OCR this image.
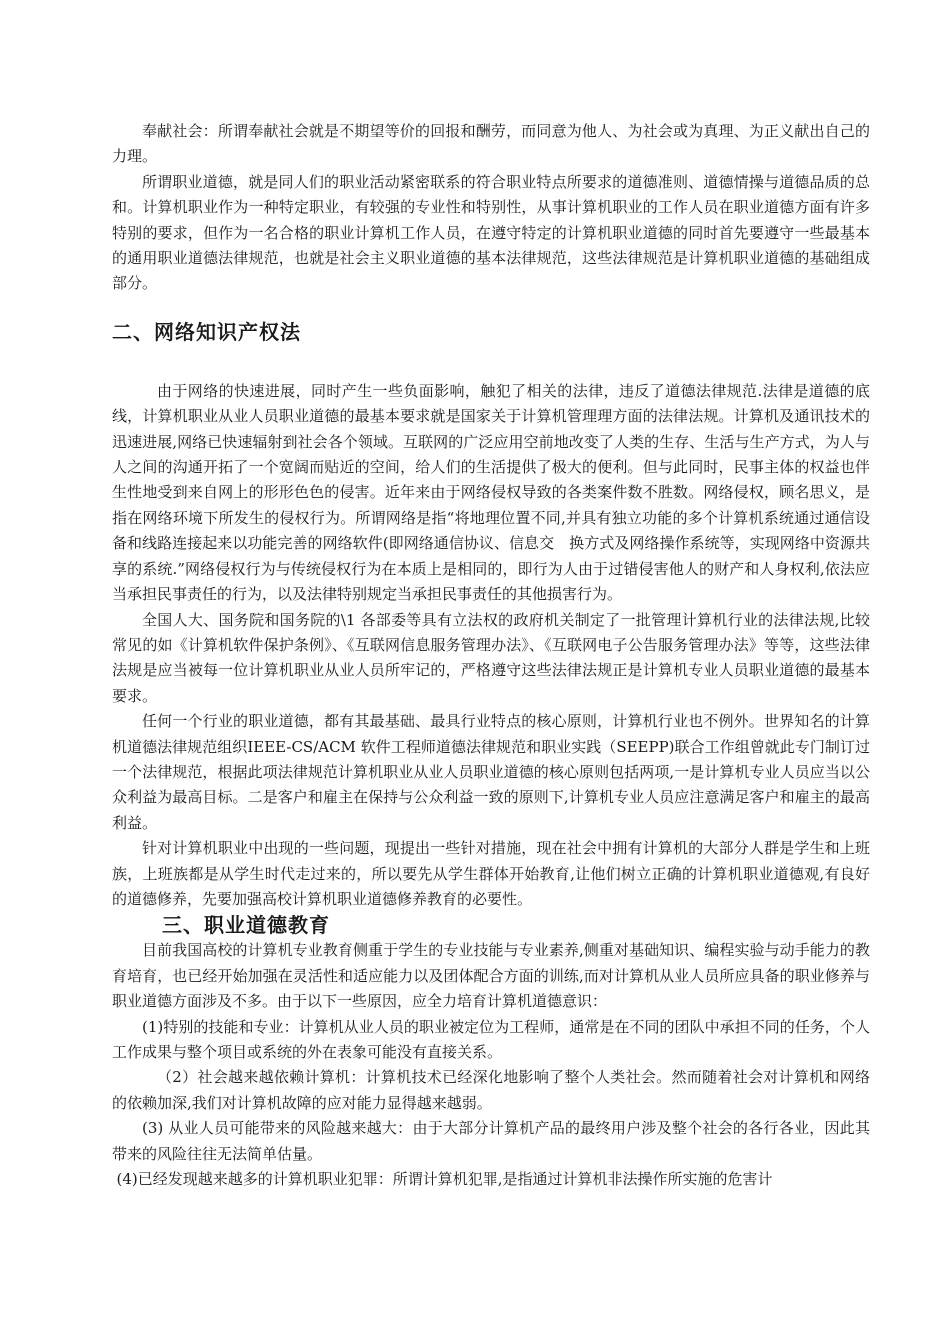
奉献社会：所谓奉献社会就是不期望等价的回报和酬劳，而同意为他人、为社会或为真理、为正义献出自己的力理。

所谓职业道德，就是同人们的职业活动紧密联系的符合职业特点所要求的道德准则、道德情操与道德品质的总和。计算机职业作为一种特定职业，有较强的专业性和特别性，从事计算机职业的工作人员在职业道德方面有许多特别的要求，但作为一名合格的职业计算机工作人员，在遵守特定的计算机职业道德的同时首先要遵守一些最基本的通用职业道德法律规范，也就是社会主义职业道德的基本法律规范，这些法律规范是计算机职业道德的基础组成部分。

二、网络知识产权法

由于网络的快速进展，同时产生一些负面影响，触犯了相关的法律，违反了道德法律规范.法律是道德的底线，计算机职业从业人员职业道德的最基本要求就是国家关于计算机管理理方面的法律法规。计算机及通讯技术的迅速进展,网络已快速辐射到社会各个领域。互联网的广泛应用空前地改变了人类的生存、生活与生产方式，为人与人之间的沟通开拓了一个宽阔而贴近的空间，给人们的生活提供了极大的便利。但与此同时，民事主体的权益也伴生性地受到来自网上的形形色色的侵害。近年来由于网络侵权导致的各类案件数不胜数。网络侵权，顾名思义，是指在网络环境下所发生的侵权行为。所谓网络是指“将地理位置不同,并具有独立功能的多个计算机系统通过通信设备和线路连接起来以功能完善的网络软件(即网络通信协议、信息交　换方式及网络操作系统等，实现网络中资源共享的系统.”网络侵权行为与传统侵权行为在本质上是相同的，即行为人由于过错侵害他人的财产和人身权利,依法应当承担民事责任的行为，以及法律特别规定当承担民事责任的其他损害行为。

全国人大、国务院和国务院的\1 各部委等具有立法权的政府机关制定了一批管理计算机行业的法律法规,比较常见的如《计算机软件保护条例》、《互联网信息服务管理办法》、《互联网电子公告服务管理办法》等等，这些法律法规是应当被每一位计算机职业从业人员所牢记的，严格遵守这些法律法规正是计算机专业人员职业道德的最基本要求。

任何一个行业的职业道德，都有其最基础、最具行业特点的核心原则，计算机行业也不例外。世界知名的计算机道德法律规范组织IEEE-CS/ACM 软件工程师道德法律规范和职业实践（SEEPP)联合工作组曾就此专门制订过一个法律规范，根据此项法律规范计算机职业从业人员职业道德的核心原则包括两项,一是计算机专业人员应当以公众利益为最高目标。二是客户和雇主在保持与公众利益一致的原则下,计算机专业人员应注意满足客户和雇主的最高利益。

针对计算机职业中出现的一些问题，现提出一些针对措施，现在社会中拥有计算机的大部分人群是学生和上班族，上班族都是从学生时代走过来的，所以要先从学生群体开始教育,让他们树立正确的计算机职业道德观,有良好的道德修养，先要加强高校计算机职业道德修养教育的必要性。

三、职业道德教育

目前我国高校的计算机专业教育侧重于学生的专业技能与专业素养,侧重对基础知识、编程实验与动手能力的教育培育，也已经开始加强在灵活性和适应能力以及团体配合方面的训练,而对计算机从业人员所应具备的职业修养与职业道德方面涉及不多。由于以下一些原因，应全力培育计算机道德意识：

(1)特别的技能和专业：计算机从业人员的职业被定位为工程师，通常是在不同的团队中承担不同的任务，个人工作成果与整个项目或系统的外在表象可能没有直接关系。

（2）社会越来越依赖计算机：计算机技术已经深化地影响了整个人类社会。然而随着社会对计算机和网络的依赖加深,我们对计算机故障的应对能力显得越来越弱。

(3) 从业人员可能带来的风险越来越大：由于大部分计算机产品的最终用户涉及整个社会的各行各业，因此其带来的风险往往无法简单估量。

(4)已经发现越来越多的计算机职业犯罪：所谓计算机犯罪,是指通过计算机非法操作所实施的危害计
